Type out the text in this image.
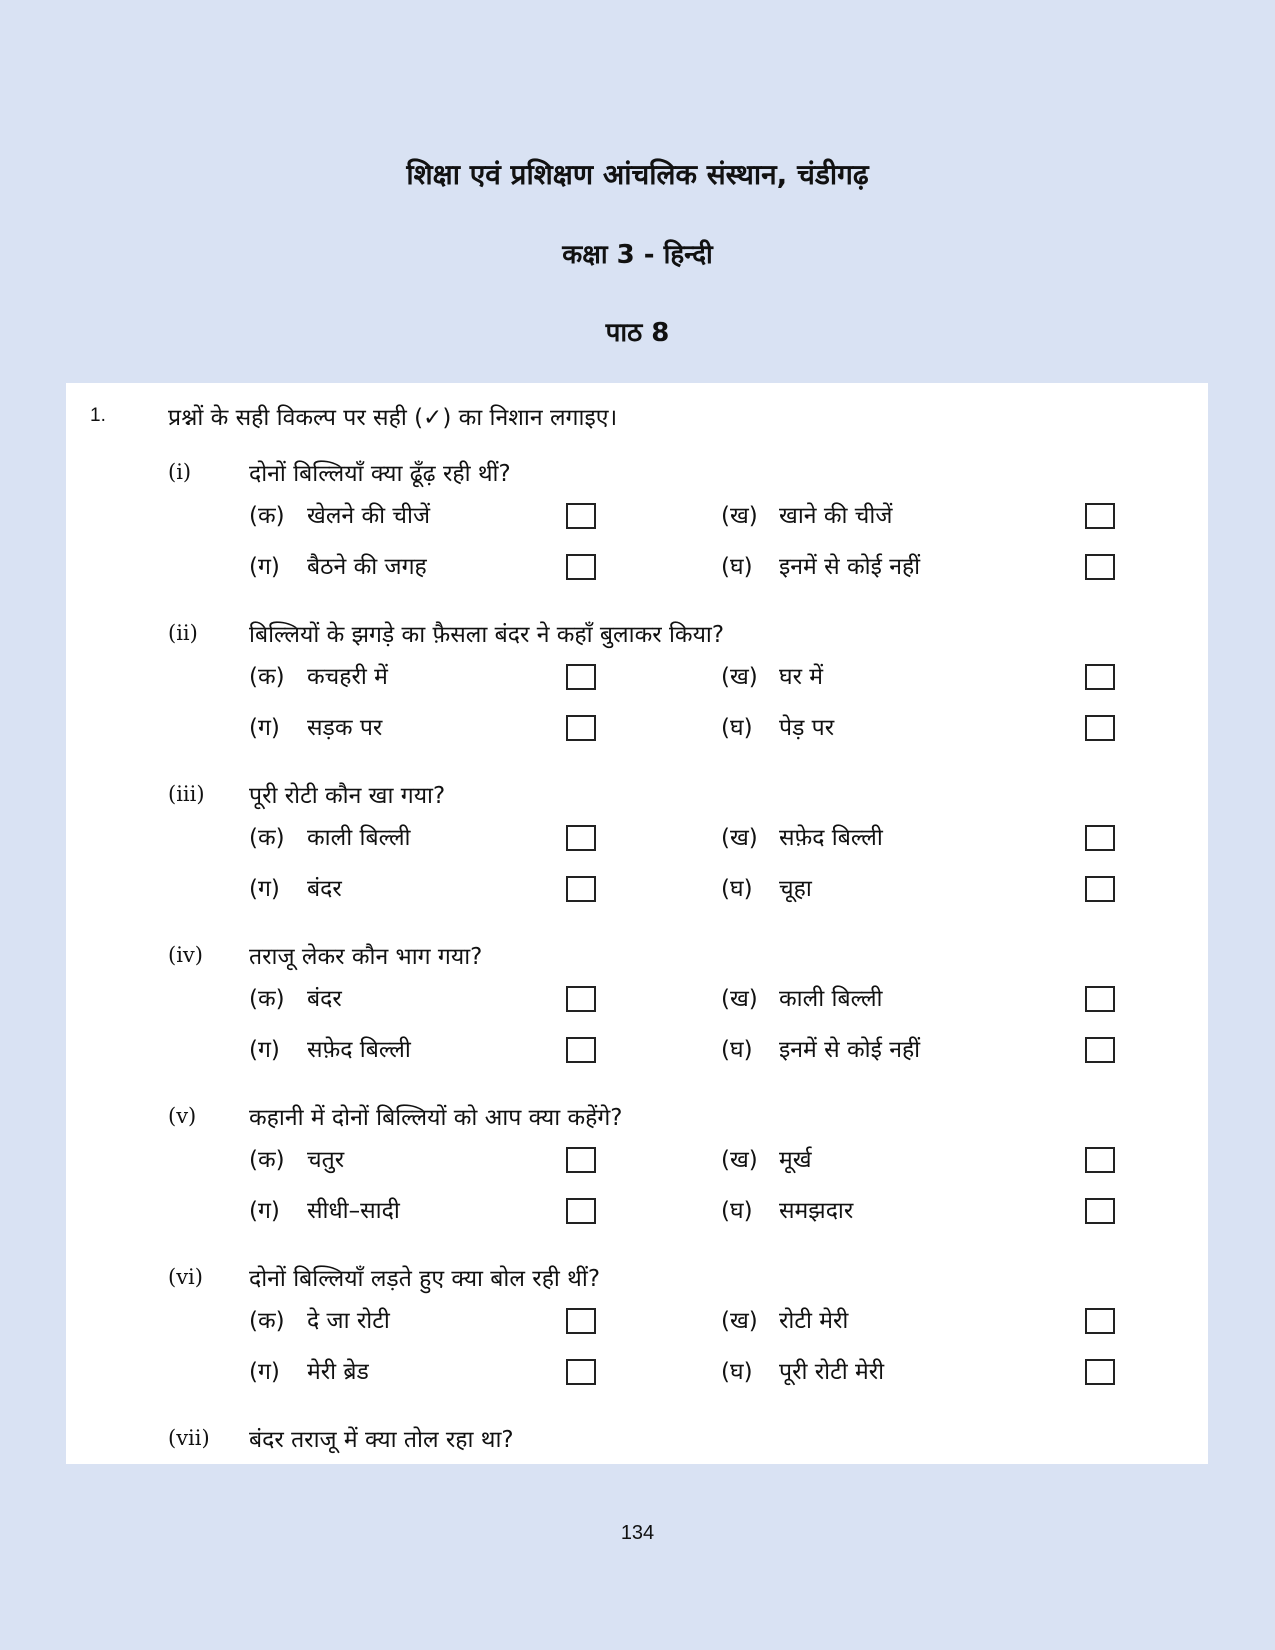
शिक्षा एवं प्रशिक्षण आंचलिक संस्थान, चंडीगढ़
कक्षा 3 - हिन्दी
पाठ 8
1.	प्रश्नों के सही विकल्प पर सही (✓) का निशान लगाइए।
(i)	दोनों बिल्लियाँ क्या ढूँढ़ रही थीं?
(क) खेलने की चीजें	(ख) खाने की चीजें
(ग) बैठने की जगह	(घ) इनमें से कोई नहीं
(ii) बिल्लियों के झगड़े का फ़ैसला बंदर ने कहाँ बुलाकर किया?
(क) कचहरी में	(ख) घर में
(ग) सड़क पर	(घ) पेड़ पर
(iii) पूरी रोटी कौन खा गया?
(क) काली बिल्ली	(ख) सफ़ेद बिल्ली
(ग) बंदर	(घ) चूहा
(iv) तराजू लेकर कौन भाग गया?
(क) बंदर	(ख) काली बिल्ली
(ग) सफ़ेद बिल्ली	(घ) इनमें से कोई नहीं
(v) कहानी में दोनों बिल्लियों को आप क्या कहेंगे?
(क) चतुर	(ख) मूर्ख
(ग) सीधी–सादी	(घ) समझदार
(vi) दोनों बिल्लियाँ लड़ते हुए क्या बोल रही थीं?
(क) दे जा रोटी	(ख) रोटी मेरी
(ग) मेरी ब्रेड	(घ) पूरी रोटी मेरी
(vii) बंदर तराजू में क्या तोल रहा था?
134
